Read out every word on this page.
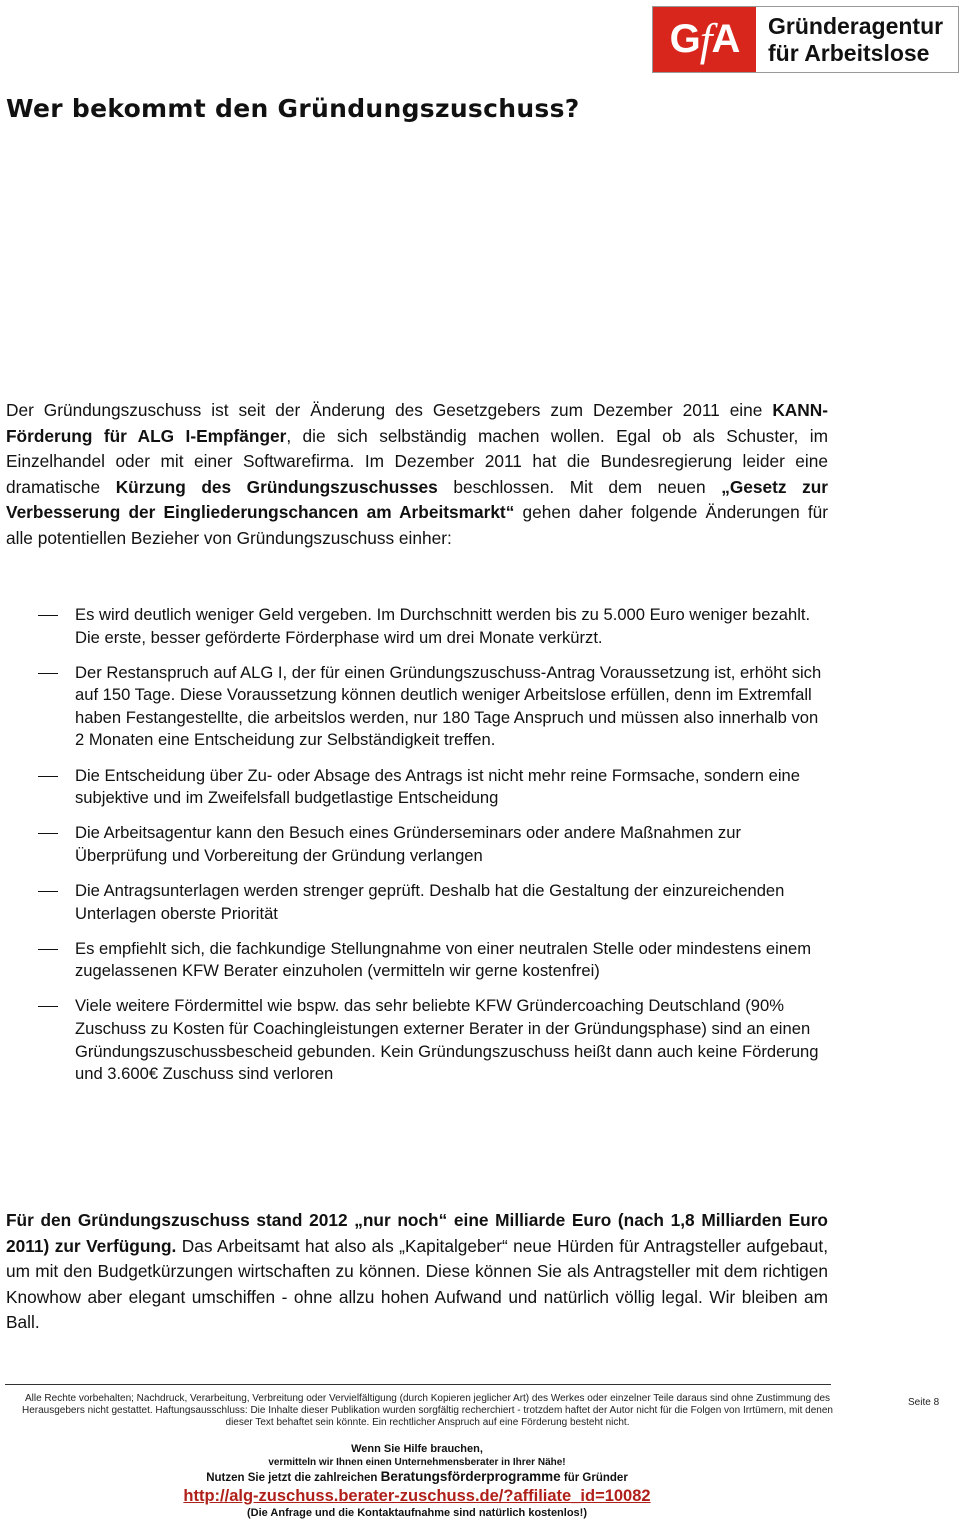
G f A	Gründeragentur
für Arbeitslose
Wer bekommt den Gründungszuschuss?

Der Gründungszuschuss ist seit der Änderung des Gesetzgebers zum Dezember 2011 eine KANN-Förderung für ALG I-Empfänger, die sich selbständig machen wollen. Egal ob als Schuster, im Einzelhandel oder mit einer Softwarefirma. Im Dezember 2011 hat die Bundesregierung leider eine dramatische Kürzung des Gründungszuschusses beschlossen. Mit dem neuen „Gesetz zur Verbesserung der Eingliederungschancen am Arbeitsmarkt“ gehen daher folgende Änderungen für alle potentiellen Bezieher von Gründungszuschuss einher:

Es wird deutlich weniger Geld vergeben. Im Durchschnitt werden bis zu 5.000 Euro weniger bezahlt. Die erste, besser geförderte Förderphase wird um drei Monate verkürzt.
Der Restanspruch auf ALG I, der für einen Gründungszuschuss-Antrag Voraussetzung ist, erhöht sich auf 150 Tage. Diese Voraussetzung können deutlich weniger Arbeitslose erfüllen, denn im Extremfall haben Festangestellte, die arbeitslos werden, nur 180 Tage Anspruch und müssen also innerhalb von 2 Monaten eine Entscheidung zur Selbständigkeit treffen.
Die Entscheidung über Zu- oder Absage des Antrags ist nicht mehr reine Formsache, sondern eine subjektive und im Zweifelsfall budgetlastige Entscheidung
Die Arbeitsagentur kann den Besuch eines Gründerseminars oder andere Maßnahmen zur Überprüfung und Vorbereitung der Gründung verlangen
Die Antragsunterlagen werden strenger geprüft. Deshalb hat die Gestaltung der einzureichenden Unterlagen oberste Priorität
Es empfiehlt sich, die fachkundige Stellungnahme von einer neutralen Stelle oder mindestens einem zugelassenen KFW Berater einzuholen (vermitteln wir gerne kostenfrei)
Viele weitere Fördermittel wie bspw. das sehr beliebte KFW Gründercoaching Deutschland (90% Zuschuss zu Kosten für Coachingleistungen externer Berater in der Gründungsphase) sind an einen Gründungszuschussbescheid gebunden. Kein Gründungszuschuss heißt dann auch keine Förderung und 3.600€ Zuschuss sind verloren

Für den Gründungszuschuss stand 2012 „nur noch“ eine Milliarde Euro (nach 1,8 Milliarden Euro 2011) zur Verfügung. Das Arbeitsamt hat also als „Kapitalgeber“ neue Hürden für Antragsteller aufgebaut, um mit den Budgetkürzungen wirtschaften zu können. Diese können Sie als Antragsteller mit dem richtigen Knowhow aber elegant umschiffen - ohne allzu hohen Aufwand und natürlich völlig legal. Wir bleiben am Ball.

Alle Rechte vorbehalten; Nachdruck, Verarbeitung, Verbreitung oder Vervielfältigung (durch Kopieren jeglicher Art) des Werkes oder einzelner Teile daraus sind ohne Zustimmung des Herausgebers nicht gestattet. Haftungsausschluss: Die Inhalte dieser Publikation wurden sorgfältig recherchiert - trotzdem haftet der Autor nicht für die Folgen von Irrtümern, mit denen dieser Text behaftet sein könnte. Ein rechtlicher Anspruch auf eine Förderung besteht nicht.
Seite 8
Wenn Sie Hilfe brauchen,
vermitteln wir Ihnen einen Unternehmensberater in Ihrer Nähe!
Nutzen Sie jetzt die zahlreichen Beratungsförderprogramme für Gründer
http://alg-zuschuss.berater-zuschuss.de/?affiliate_id=10082
(Die Anfrage und die Kontaktaufnahme sind natürlich kostenlos!)
